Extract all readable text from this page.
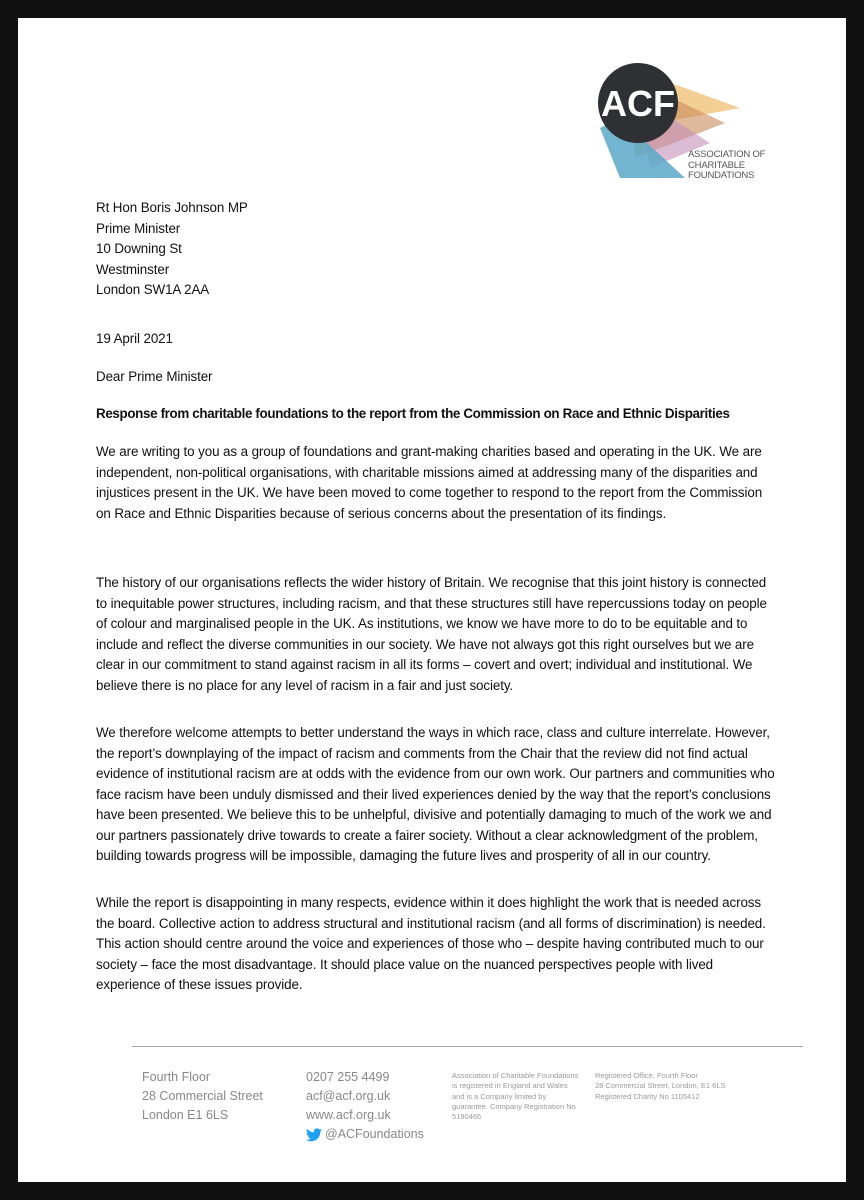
ACF
ASSOCIATION OF
CHARITABLE
FOUNDATIONS
Rt Hon Boris Johnson MP
Prime Minister
10 Downing St
Westminster
London SW1A 2AA
19 April 2021
Dear Prime Minister
Response from charitable foundations to the report from the Commission on Race and Ethnic Disparities

We are writing to you as a group of foundations and grant-making charities based and operating in the UK. We are independent, non-political organisations, with charitable missions aimed at addressing many of the disparities and injustices present in the UK. We have been moved to come together to respond to the report from the Commission on Race and Ethnic Disparities because of serious concerns about the presentation of its findings.

The history of our organisations reflects the wider history of Britain. We recognise that this joint history is connected to inequitable power structures, including racism, and that these structures still have repercussions today on people of colour and marginalised people in the UK. As institutions, we know we have more to do to be equitable and to include and reflect the diverse communities in our society. We have not always got this right ourselves but we are clear in our commitment to stand against racism in all its forms – covert and overt; individual and institutional. We believe there is no place for any level of racism in a fair and just society.

We therefore welcome attempts to better understand the ways in which race, class and culture interrelate. However, the report’s downplaying of the impact of racism and comments from the Chair that the review did not find actual evidence of institutional racism are at odds with the evidence from our own work. Our partners and communities who face racism have been unduly dismissed and their lived experiences denied by the way that the report’s conclusions have been presented. We believe this to be unhelpful, divisive and potentially damaging to much of the work we and our partners passionately drive towards to create a fairer society. Without a clear acknowledgment of the problem, building towards progress will be impossible, damaging the future lives and prosperity of all in our country.

While the report is disappointing in many respects, evidence within it does highlight the work that is needed across the board. Collective action to address structural and institutional racism (and all forms of discrimination) is needed. This action should centre around the voice and experiences of those who – despite having contributed much to our society – face the most disadvantage. It should place value on the nuanced perspectives people with lived experience of these issues provide.

Fourth Floor
28 Commercial Street
London E1 6LS
0207 255 4499
acf@acf.org.uk
www.acf.org.uk
@ACFoundations
Association of Charitable Foundations
is registered in England and Wales
and is a Company limited by
guarantee. Company Registration No
5190466
Registered Office: Fourth Floor
28 Commercial Street, London, E1 6LS
Registered Charity No 1105412
